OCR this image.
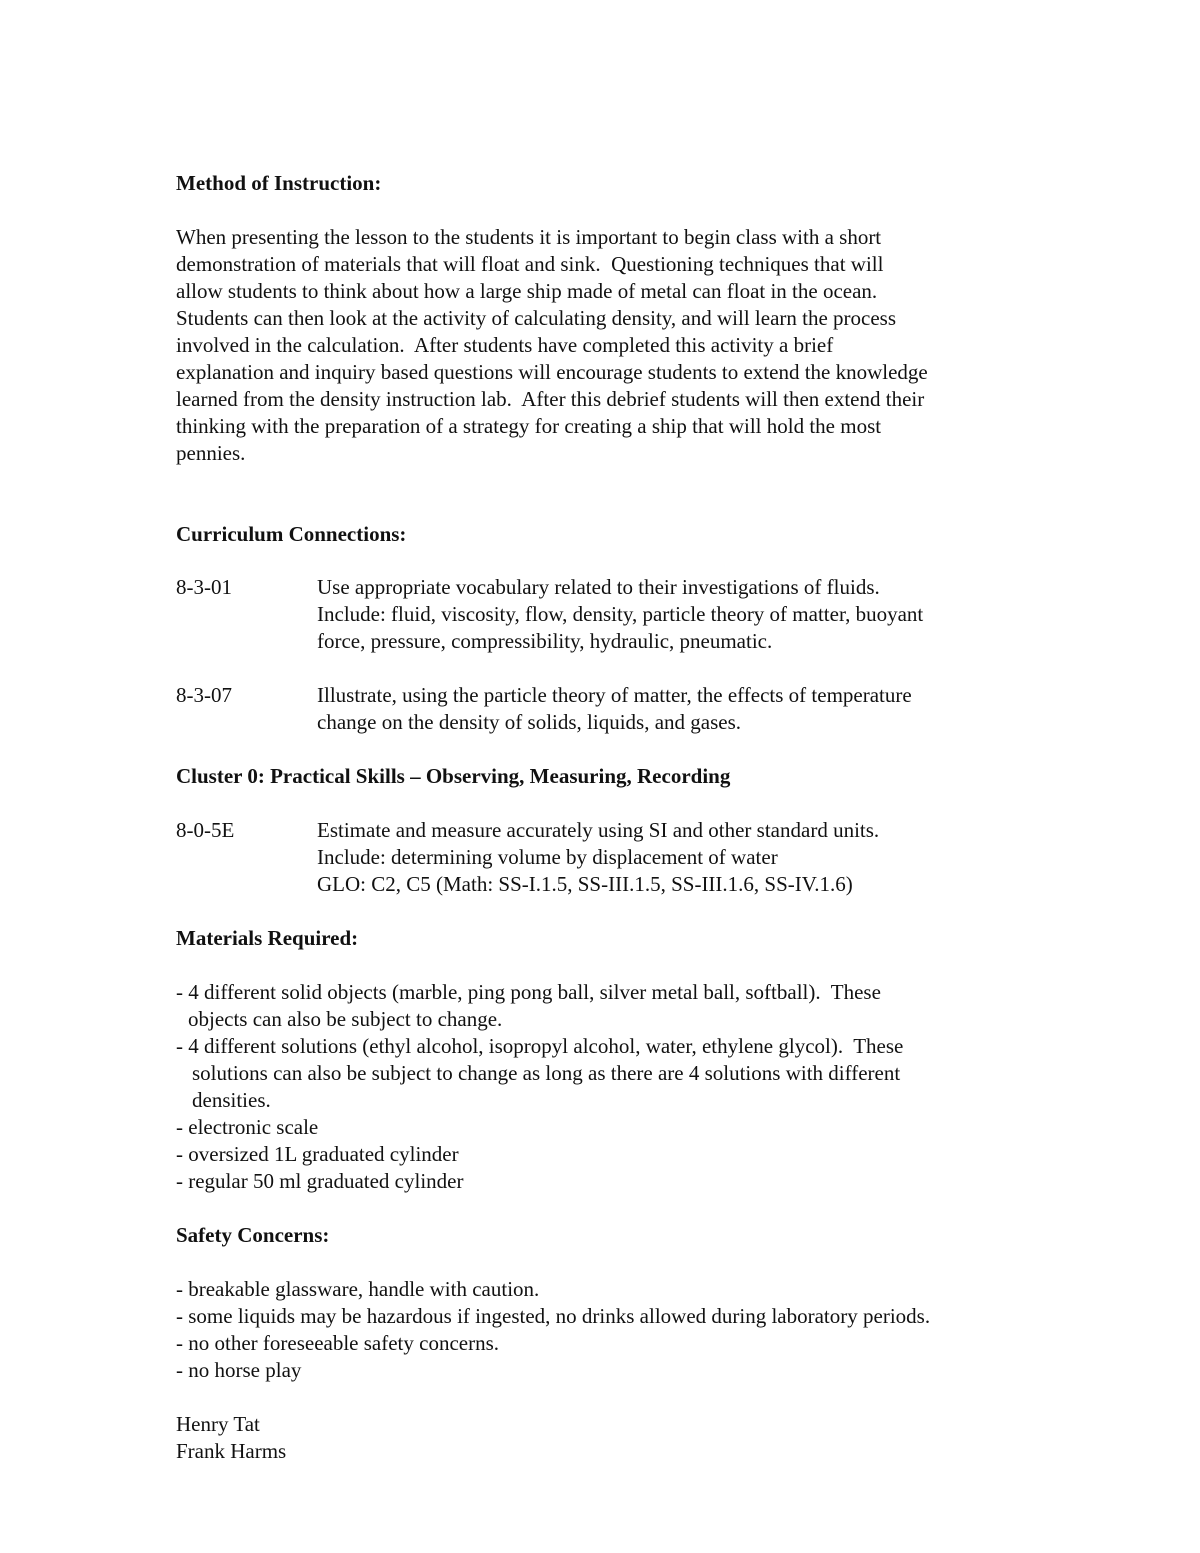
Method of Instruction:

When presenting the lesson to the students it is important to begin class with a short
demonstration of materials that will float and sink.  Questioning techniques that will
allow students to think about how a large ship made of metal can float in the ocean.
Students can then look at the activity of calculating density, and will learn the process
involved in the calculation.  After students have completed this activity a brief
explanation and inquiry based questions will encourage students to extend the knowledge
learned from the density instruction lab.  After this debrief students will then extend their
thinking with the preparation of a strategy for creating a ship that will hold the most
pennies.

Curriculum Connections:

8-3-01	Use appropriate vocabulary related to their investigations of fluids.
Include: fluid, viscosity, flow, density, particle theory of matter, buoyant
force, pressure, compressibility, hydraulic, pneumatic.
8-3-07	Illustrate, using the particle theory of matter, the effects of temperature
change on the density of solids, liquids, and gases.

Cluster 0: Practical Skills – Observing, Measuring, Recording

8-0-5E	Estimate and measure accurately using SI and other standard units.
Include: determining volume by displacement of water
GLO: C2, C5 (Math: SS-I.1.5, SS-III.1.5, SS-III.1.6, SS-IV.1.6)

Materials Required:

- 4 different solid objects (marble, ping pong ball, silver metal ball, softball).  These
objects can also be subject to change.
- 4 different solutions (ethyl alcohol, isopropyl alcohol, water, ethylene glycol).  These
solutions can also be subject to change as long as there are 4 solutions with different
densities.
- electronic scale
- oversized 1L graduated cylinder
- regular 50 ml graduated cylinder

Safety Concerns:

- breakable glassware, handle with caution.
- some liquids may be hazardous if ingested, no drinks allowed during laboratory periods.
- no other foreseeable safety concerns.
- no horse play
Henry Tat
Frank Harms
